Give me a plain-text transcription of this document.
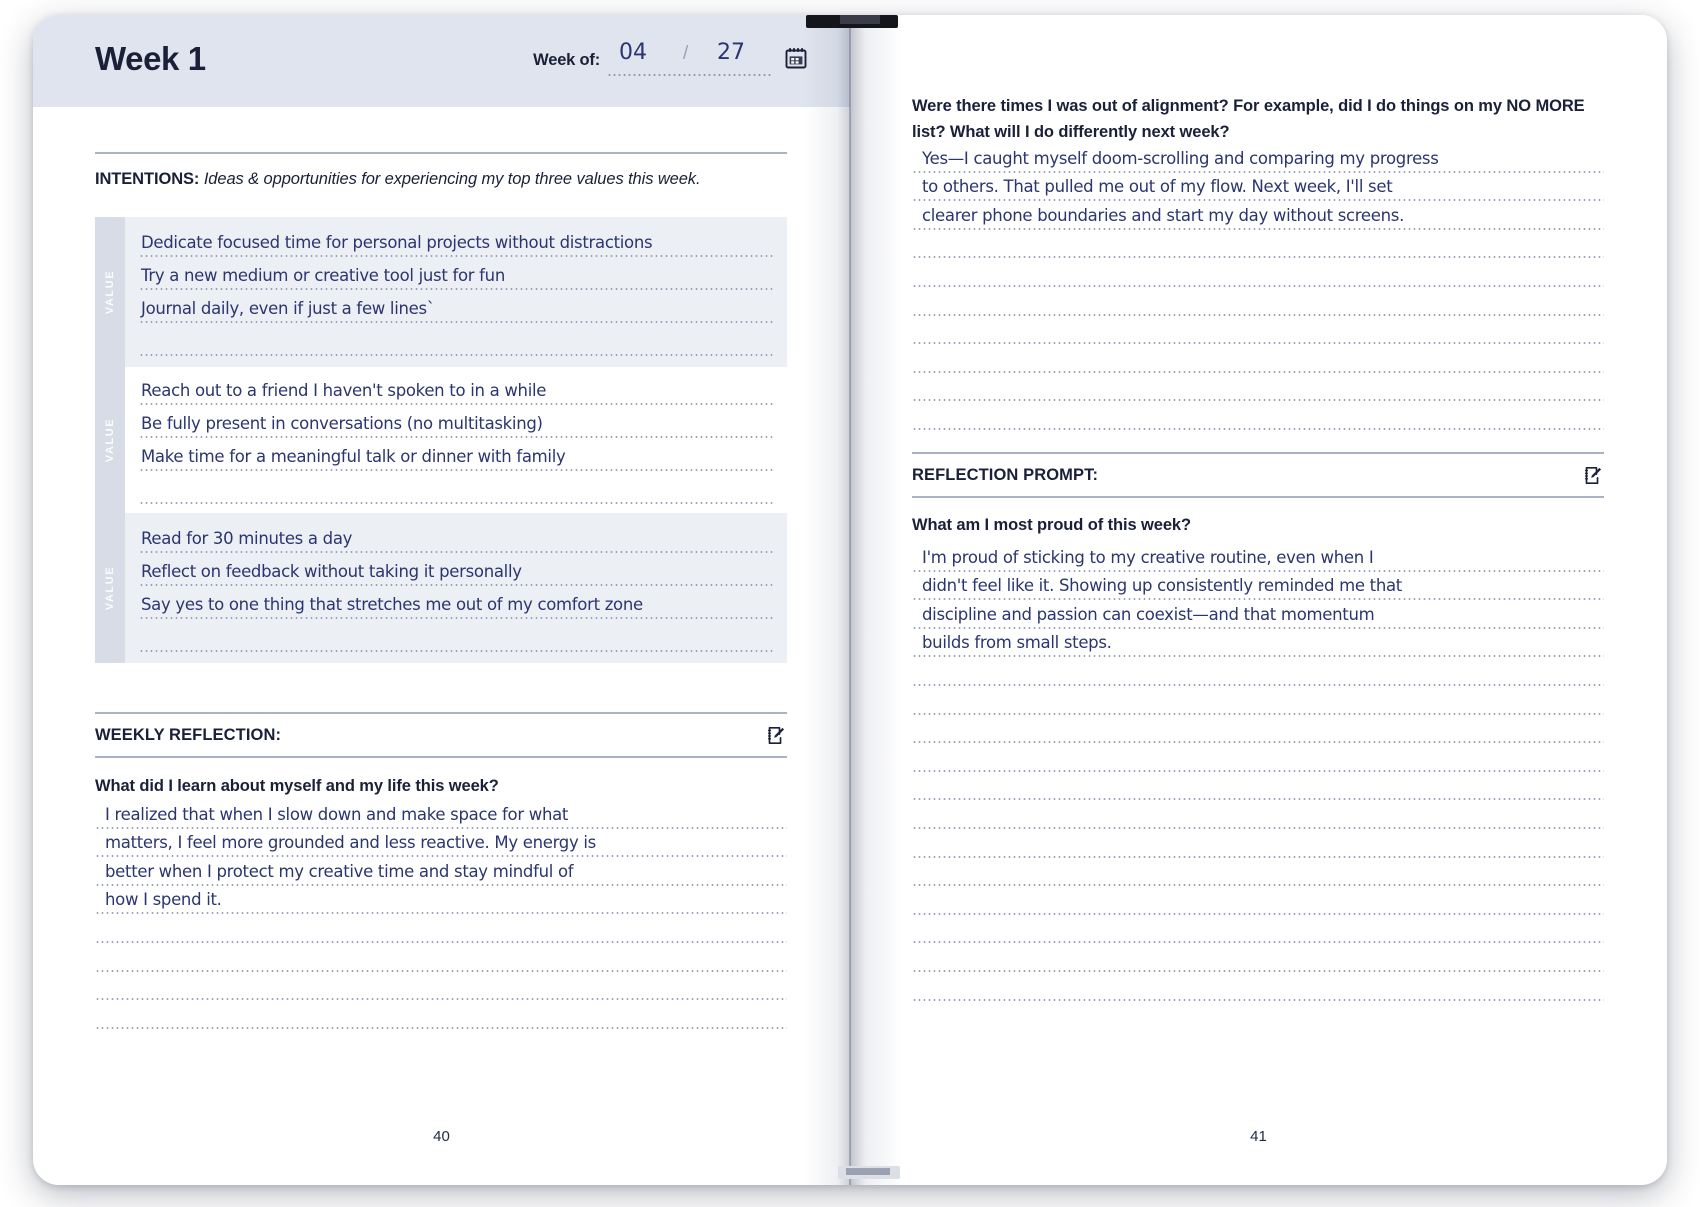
Week 1	Week of: 04 / 27
INTENTIONS: Ideas & opportunities for experiencing my top three values this week.
VALUE
Dedicate focused time for personal projects without distractions
Try a new medium or creative tool just for fun
Journal daily, even if just a few lines`
VALUE
Reach out to a friend I haven't spoken to in a while
Be fully present in conversations (no multitasking)
Make time for a meaningful talk or dinner with family
VALUE
Read for 30 minutes a day
Reflect on feedback without taking it personally
Say yes to one thing that stretches me out of my comfort zone
WEEKLY REFLECTION:
What did I learn about myself and my life this week?
I realized that when I slow down and make space for what
matters, I feel more grounded and less reactive. My energy is
better when I protect my creative time and stay mindful of
how I spend it.
40
Were there times I was out of alignment? For example, did I do things on my NO MORE list? What will I do differently next week?
Yes—I caught myself doom-scrolling and comparing my progress
to others. That pulled me out of my flow. Next week, I'll set
clearer phone boundaries and start my day without screens.
REFLECTION PROMPT:
What am I most proud of this week?
I'm proud of sticking to my creative routine, even when I
didn't feel like it. Showing up consistently reminded me that
discipline and passion can coexist—and that momentum
builds from small steps.
41
